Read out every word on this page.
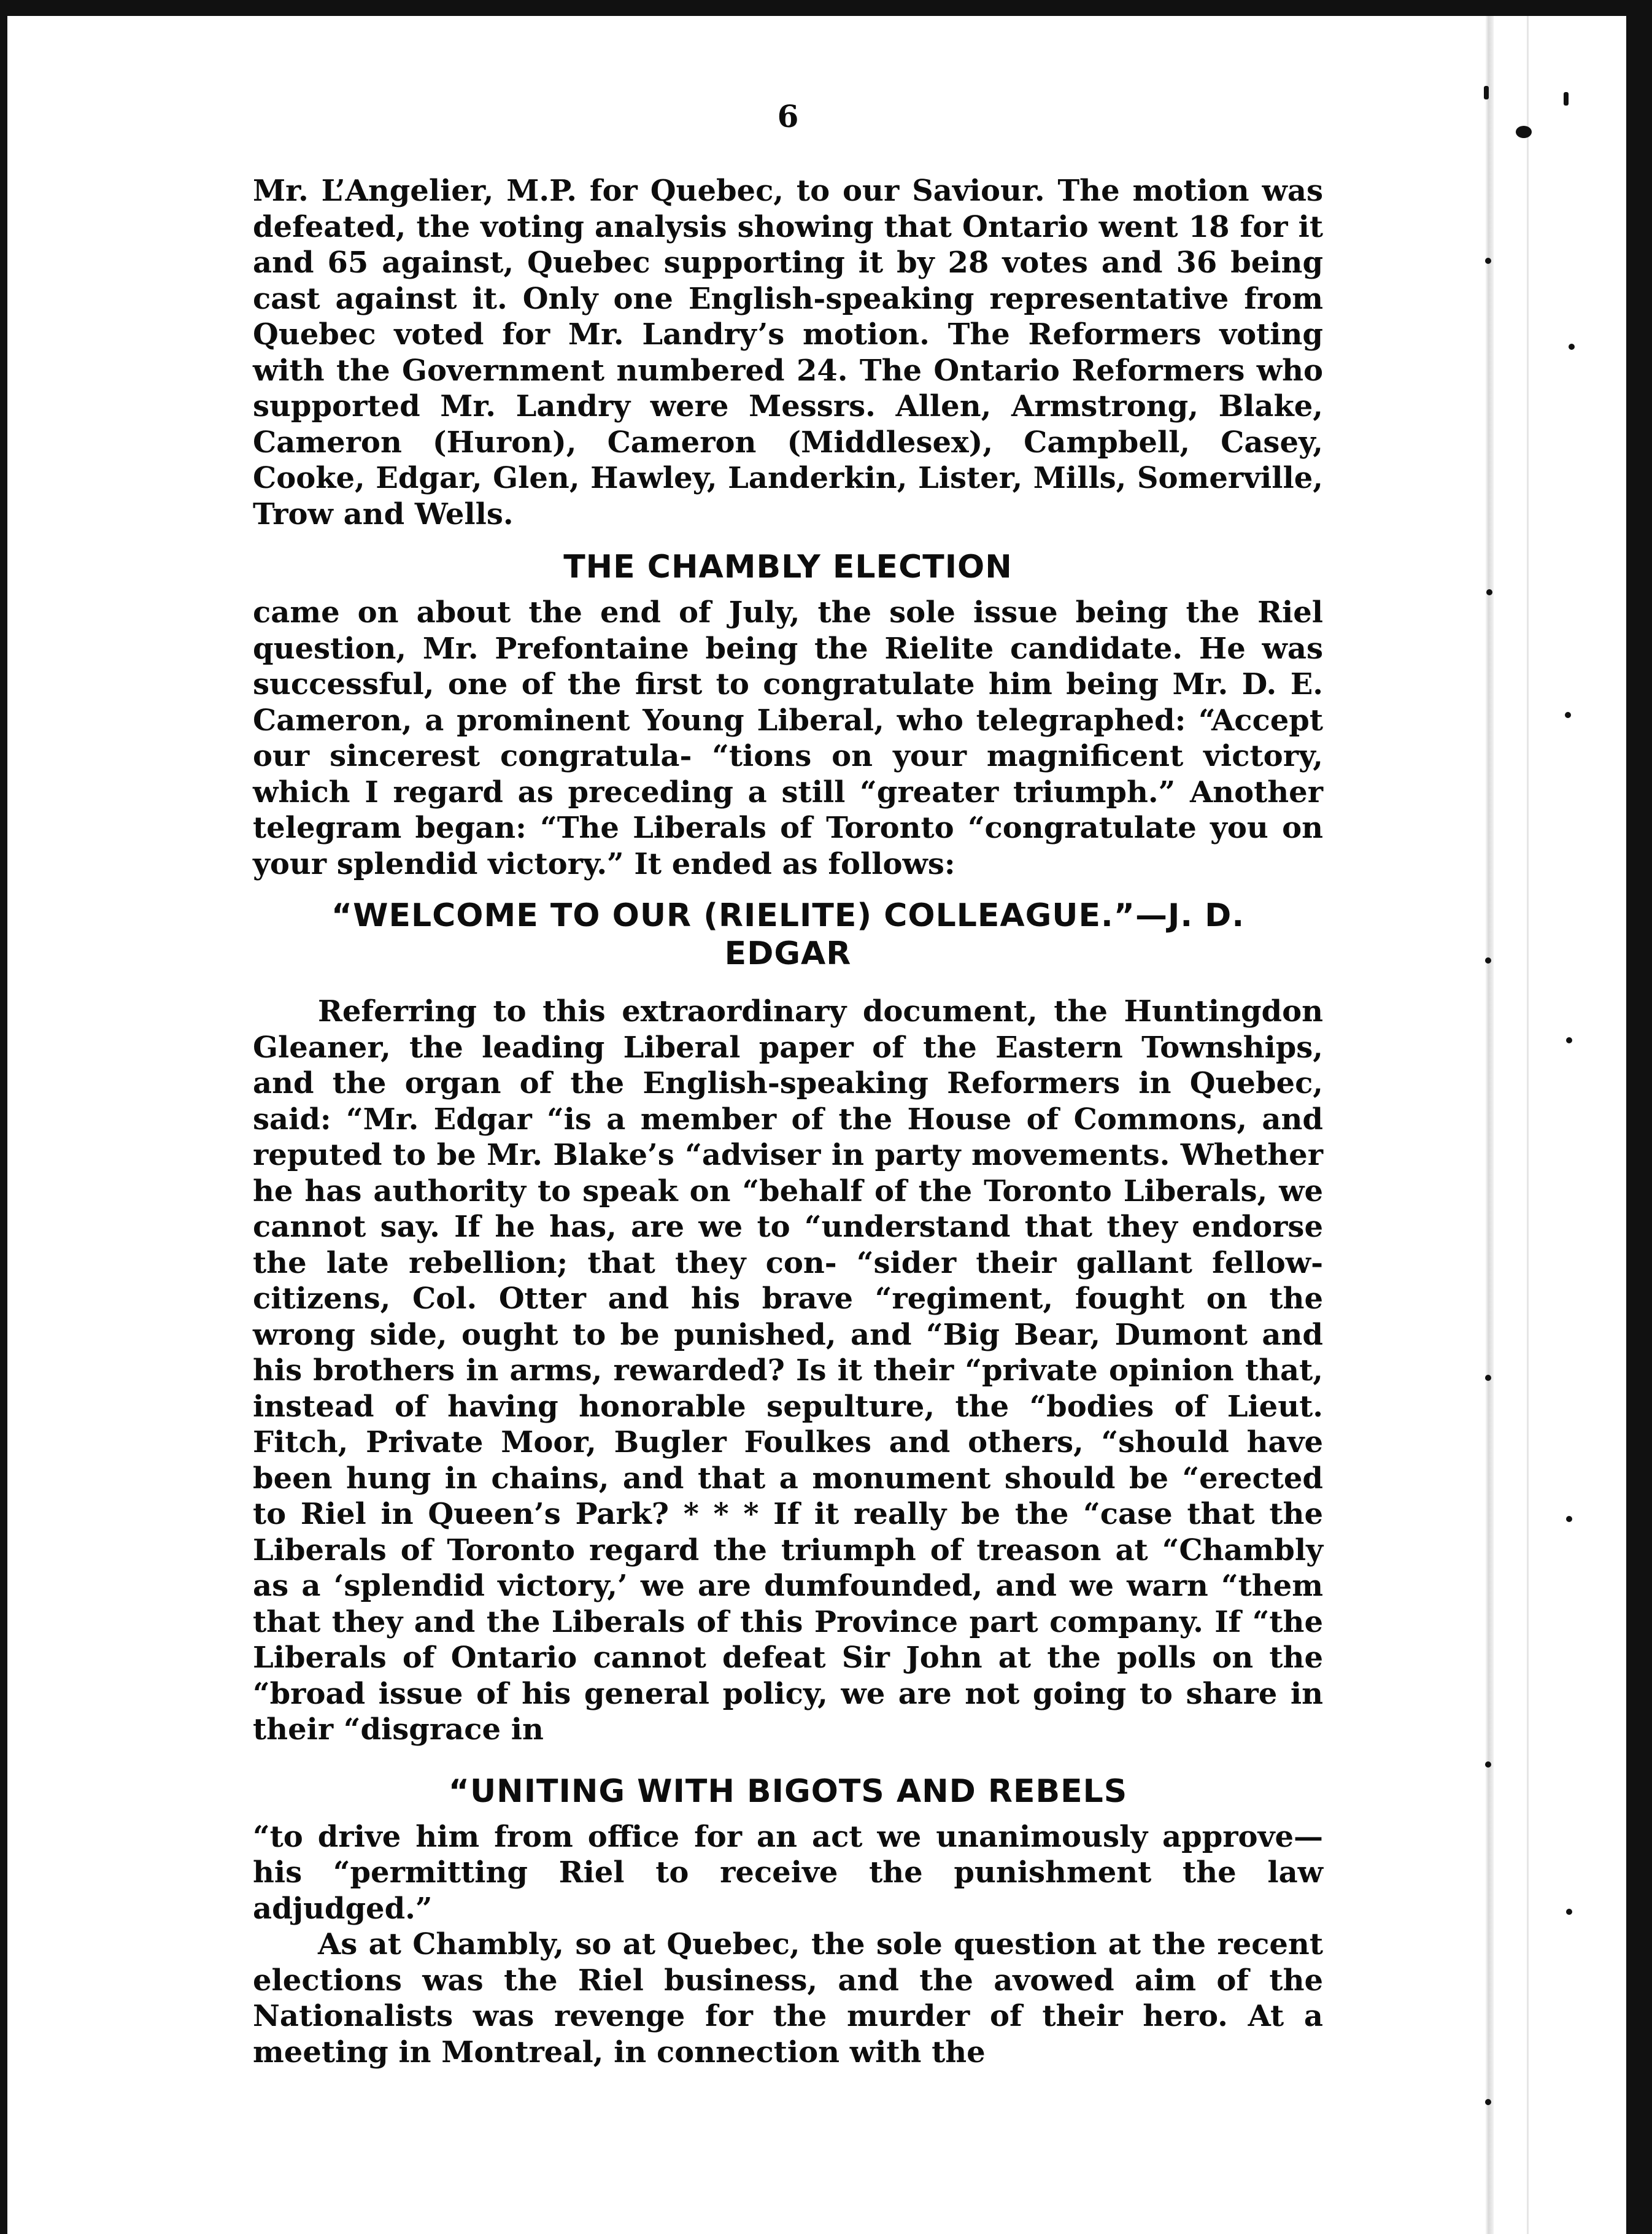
6

Mr. L’Angelier, M.P. for Quebec, to our Saviour. The motion was defeated, the voting analysis showing that Ontario went 18 for it and 65 against, Quebec supporting it by 28 votes and 36 being cast against it. Only one English-speaking representative from Quebec voted for Mr. Landry’s motion. The Reformers voting with the Government numbered 24. The Ontario Reformers who supported Mr. Landry were Messrs. Allen, Armstrong, Blake, Cameron (Huron), Cameron (Middlesex), Campbell, Casey, Cooke, Edgar, Glen, Hawley, Landerkin, Lister, Mills, Somerville, Trow and Wells.

THE CHAMBLY ELECTION

came on about the end of July, the sole issue being the Riel question, Mr. Prefontaine being the Rielite candidate. He was successful, one of the first to congratulate him being Mr. D. E. Cameron, a prominent Young Liberal, who telegraphed: “Accept our sincerest congratula- “tions on your magnificent victory, which I regard as preceding a still “greater triumph.” Another telegram began: “The Liberals of Toronto “congratulate you on your splendid victory.” It ended as follows:

“WELCOME TO OUR (RIELITE) COLLEAGUE.”—J. D. EDGAR

Referring to this extraordinary document, the Huntingdon Gleaner, the leading Liberal paper of the Eastern Townships, and the organ of the English-speaking Reformers in Quebec, said: “Mr. Edgar “is a member of the House of Commons, and reputed to be Mr. Blake’s “adviser in party movements. Whether he has authority to speak on “behalf of the Toronto Liberals, we cannot say. If he has, are we to “understand that they endorse the late rebellion; that they con- “sider their gallant fellow-citizens, Col. Otter and his brave “regiment, fought on the wrong side, ought to be punished, and “Big Bear, Dumont and his brothers in arms, rewarded? Is it their “private opinion that, instead of having honorable sepulture, the “bodies of Lieut. Fitch, Private Moor, Bugler Foulkes and others, “should have been hung in chains, and that a monument should be “erected to Riel in Queen’s Park? * * * If it really be the “case that the Liberals of Toronto regard the triumph of treason at “Chambly as a ‘splendid victory,’ we are dumfounded, and we warn “them that they and the Liberals of this Province part company. If “the Liberals of Ontario cannot defeat Sir John at the polls on the “broad issue of his general policy, we are not going to share in their “disgrace in

“UNITING WITH BIGOTS AND REBELS

“to drive him from office for an act we unanimously approve—his “permitting Riel to receive the punishment the law adjudged.”

As at Chambly, so at Quebec, the sole question at the recent elections was the Riel business, and the avowed aim of the Nationalists was revenge for the murder of their hero. At a meeting in Montreal, in connection with the
